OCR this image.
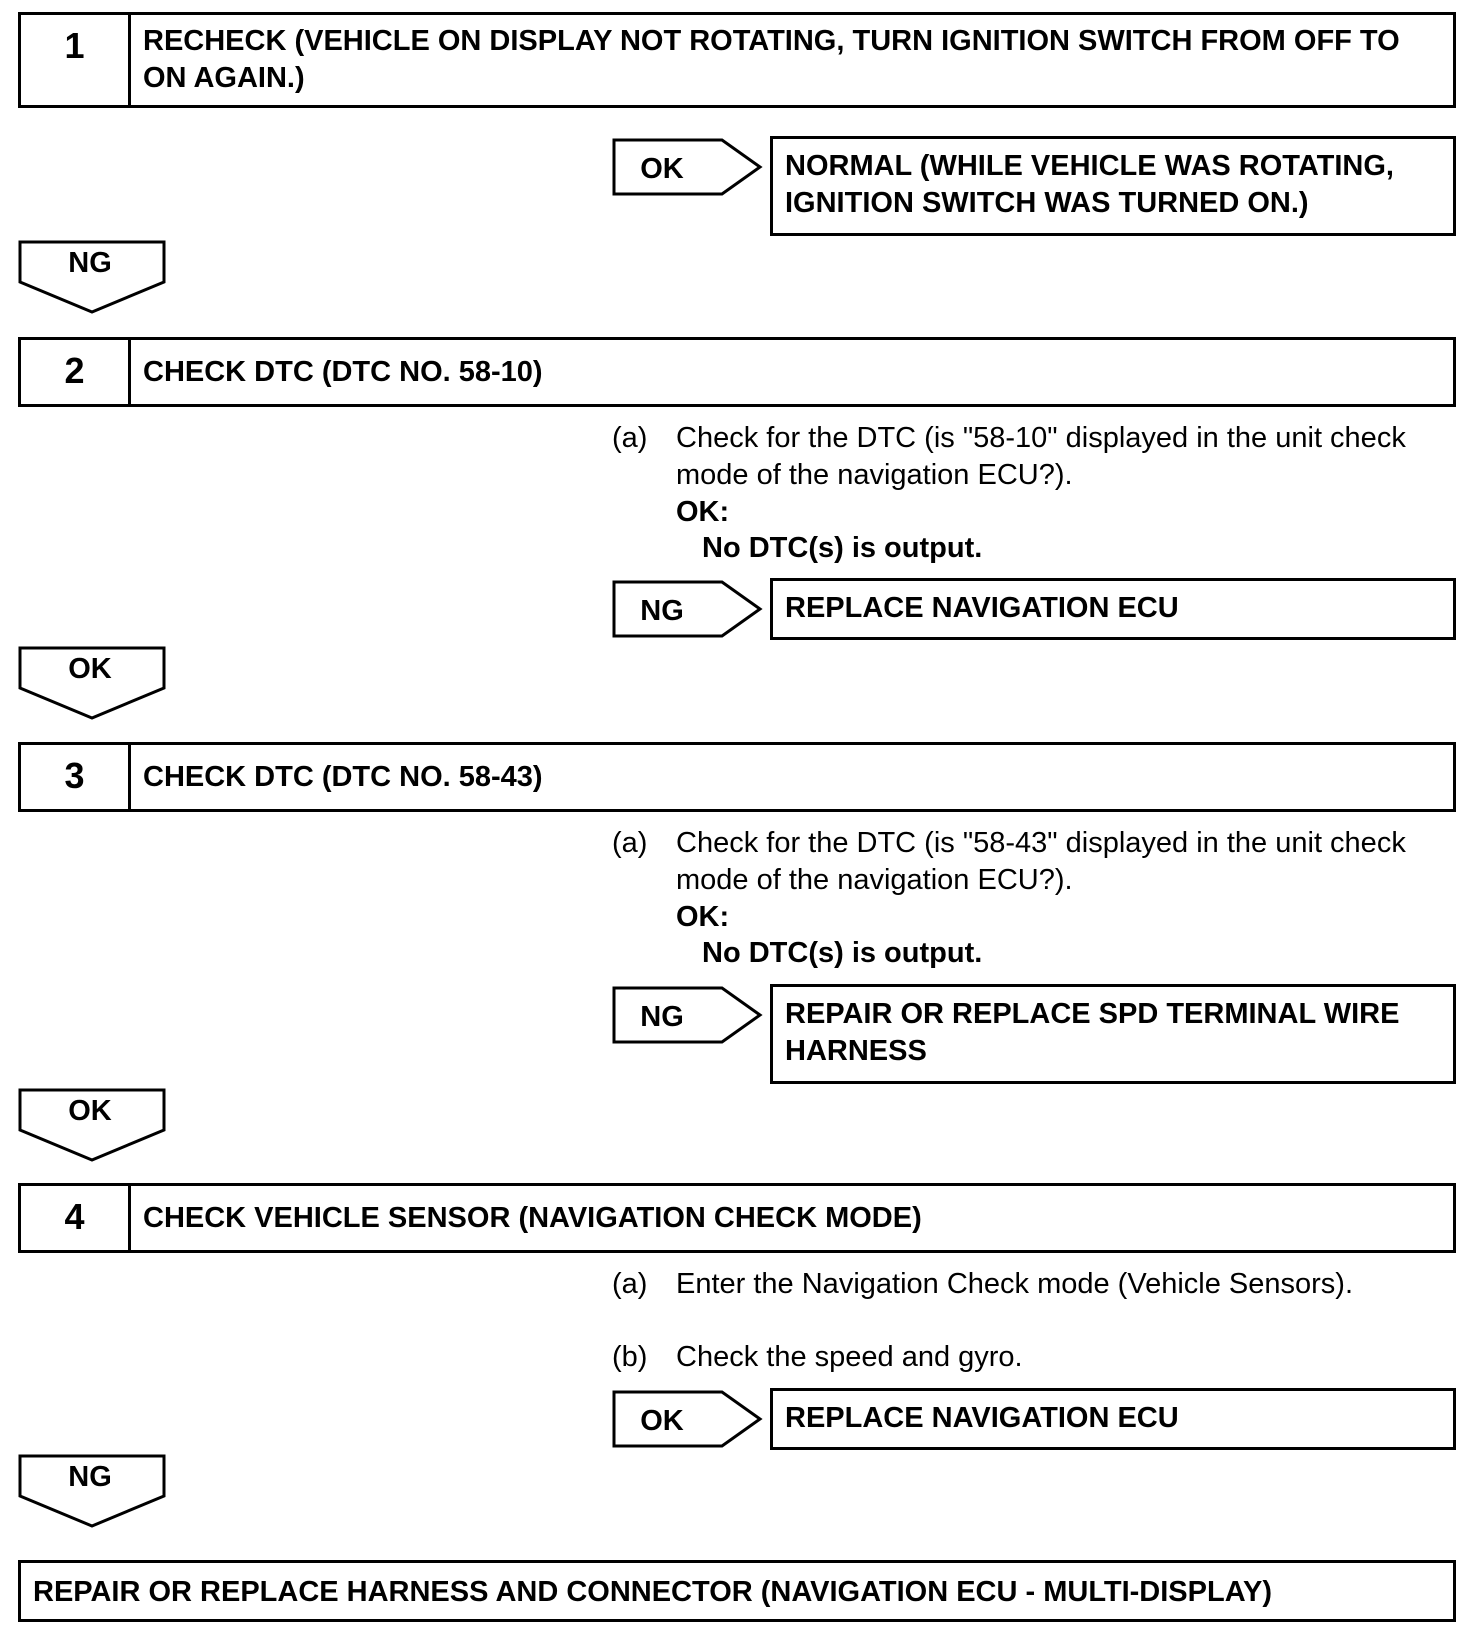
1	RECHECK (VEHICLE ON DISPLAY NOT ROTATING, TURN IGNITION SWITCH FROM OFF TO ON AGAIN.)
OK	NORMAL (WHILE VEHICLE WAS ROTATING, IGNITION SWITCH WAS TURNED ON.)
NG
2	CHECK DTC (DTC NO. 58-10)
(a) Check for the DTC (is "58-10" displayed in the unit check mode of the navigation ECU?).
OK:
No DTC(s) is output.
NG	REPLACE NAVIGATION ECU
OK
3	CHECK DTC (DTC NO. 58-43)
(a) Check for the DTC (is "58-43" displayed in the unit check mode of the navigation ECU?).
OK:
No DTC(s) is output.
NG	REPAIR OR REPLACE SPD TERMINAL WIRE HARNESS
OK
4	CHECK VEHICLE SENSOR (NAVIGATION CHECK MODE)
(a) Enter the Navigation Check mode (Vehicle Sensors).
(b) Check the speed and gyro.
OK	REPLACE NAVIGATION ECU
NG
REPAIR OR REPLACE HARNESS AND CONNECTOR (NAVIGATION ECU - MULTI-DISPLAY)
